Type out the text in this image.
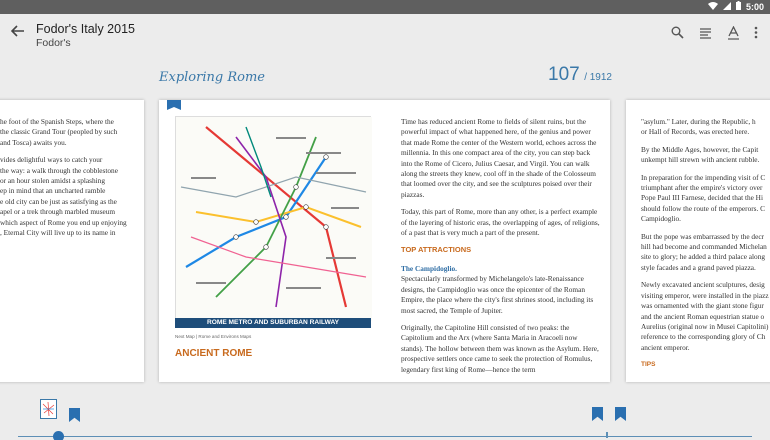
5:00
Fodor's Italy 2015
Fodor's
Exploring Rome	107 / 1912

he foot of the Spanish Steps, where the
the classic Grand Tour (peopled by such
and Tosca) awaits you.

vides delightful ways to catch your
the way: a walk through the cobblestone
or an hour stolen amidst a splashing
ep in mind that an uncharted ramble
e old city can be just as satisfying as the
apel or a trek through marbled museum
which aspect of Rome you end up enjoying
, Eternal City will live up to its name in

ROME METRO AND SUBURBAN RAILWAY
Next Map | Rome and Environs Maps
ANCIENT ROME

Time has reduced ancient Rome to fields of silent ruins, but the powerful impact of what happened here, of the genius and power that made Rome the center of the Western world, echoes across the millennia. In this one compact area of the city, you can step back into the Rome of Cicero, Julius Caesar, and Virgil. You can walk along the streets they knew, cool off in the shade of the Colosseum that loomed over the city, and see the sculptures poised over their piazzas.

Today, this part of Rome, more than any other, is a perfect example of the layering of historic eras, the overlapping of ages, of religions, of a past that is very much a part of the present.

TOP ATTRACTIONS
The Campidoglio.

Spectacularly transformed by Michelangelo's late-Renaissance designs, the Campidoglio was once the epicenter of the Roman Empire, the place where the city's first shrines stood, including its most sacred, the Temple of Jupiter.

Originally, the Capitoline Hill consisted of two peaks: the Capitolium and the Arx (where Santa Maria in Aracoeli now stands). The hollow between them was known as the Asylum. Here, prospective settlers once came to seek the protection of Romulus, legendary first king of Rome—hence the term

"asylum." Later, during the Republic, h
or Hall of Records, was erected here.

By the Middle Ages, however, the Capit
unkempt hill strewn with ancient rubble.

In preparation for the impending visit of C
triumphant after the empire's victory over
Pope Paul III Farnese, decided that the Hi
should follow the route of the emperors. C
Campidoglio.

But the pope was embarrassed by the decr
hill had become and commanded Michelan
site to glory; he added a third palace along
style facades and a grand paved piazza.

Newly excavated ancient sculptures, desig
visiting emperor, were installed in the piazz
was ornamented with the giant stone figur
and the ancient Roman equestrian statue o
Aurelius (original now in Musei Capitolini)
reference to the corresponding glory of Ch
ancient emperor.

TIPS
